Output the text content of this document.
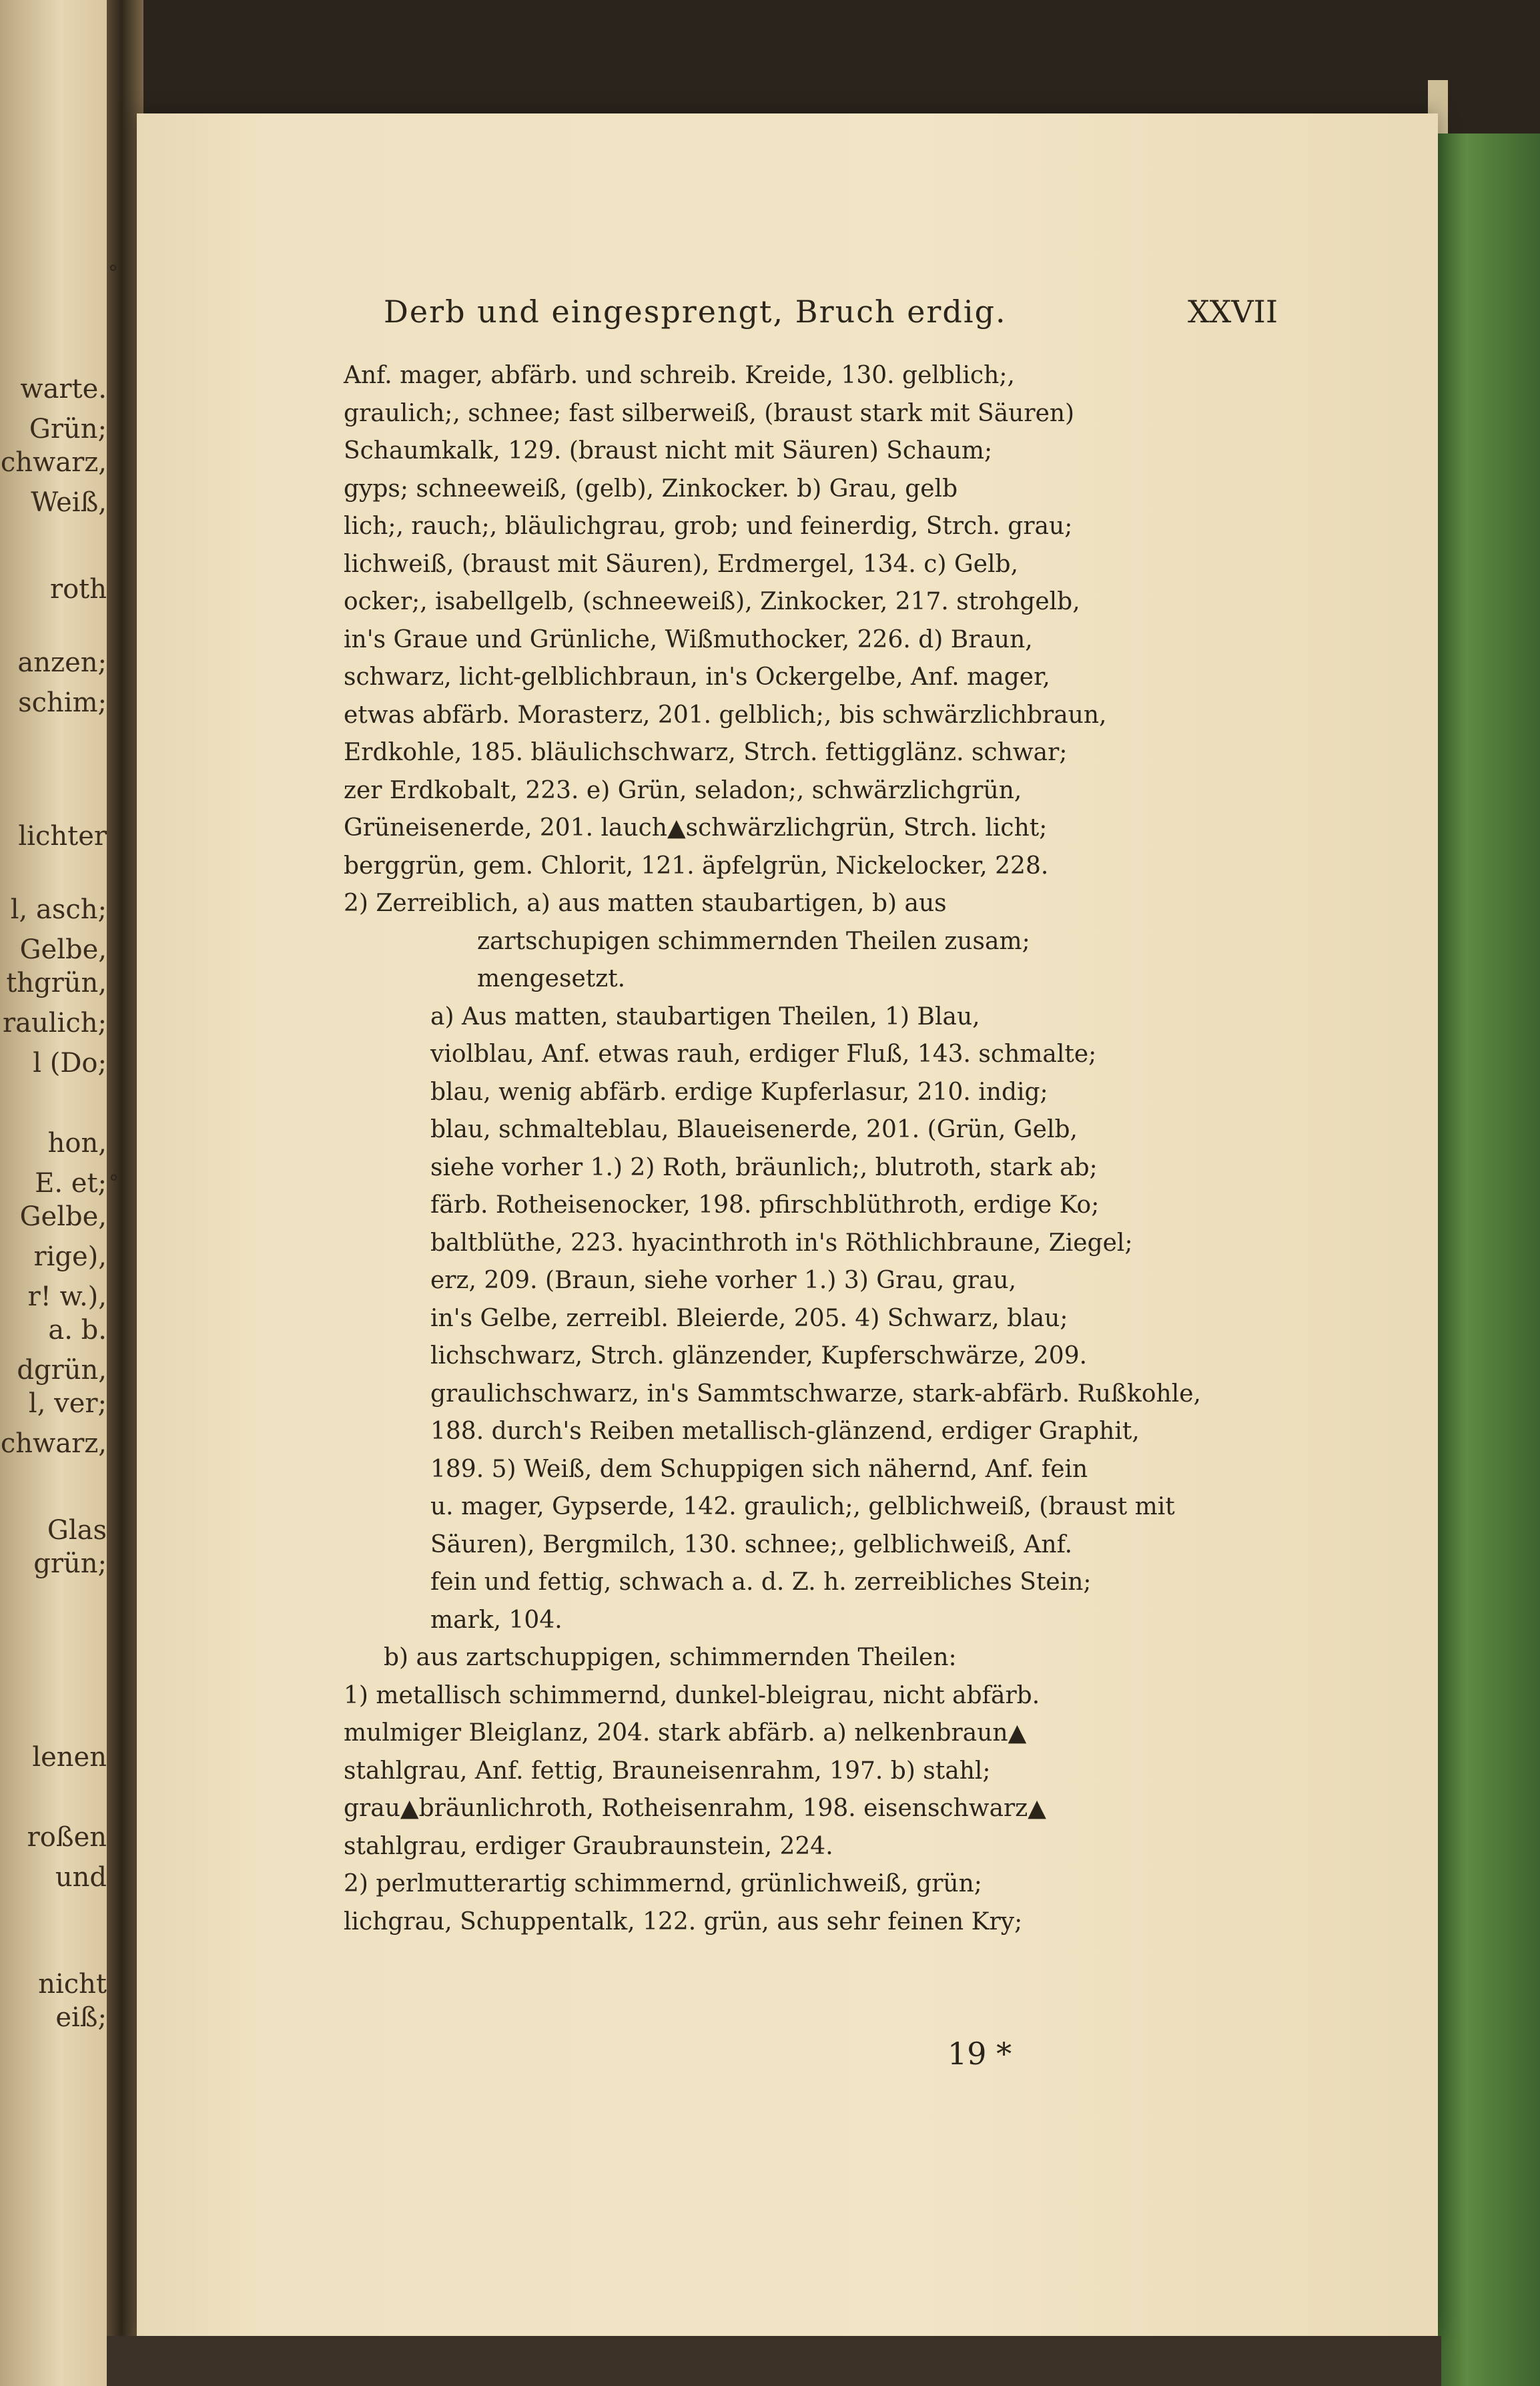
warte.
Grün;
chwarz,
Weiß,
roth
anzen;
schim;
lichter
l, asch;
Gelbe,
thgrün,
raulich;
l (Do;
hon,
E. et;
Gelbe,
rige),
r! w.),
a. b.
dgrün,
l, ver;
chwarz,
Glas
grün;
lenen
roßen
und
nicht
eiß;
Derb und eingesprengt, Bruch erdig.	XXVII
Anf. mager, abfärb. und schreib. Kreide, 130. gelblich;,
graulich;, schnee; fast silberweiß, (braust stark mit Säuren)
Schaumkalk, 129. (braust nicht mit Säuren) Schaum;
gyps; schneeweiß, (gelb), Zinkocker. b) Grau, gelb
lich;, rauch;, bläulichgrau, grob; und feinerdig, Strch. grau;
lichweiß, (braust mit Säuren), Erdmergel, 134. c) Gelb,
ocker;, isabellgelb, (schneeweiß), Zinkocker, 217. strohgelb,
in's Graue und Grünliche, Wißmuthocker, 226. d) Braun,
schwarz, licht-gelblichbraun, in's Ockergelbe, Anf. mager,
etwas abfärb. Morasterz, 201. gelblich;, bis schwärzlichbraun,
Erdkohle, 185. bläulichschwarz, Strch. fettigglänz. schwar;
zer Erdkobalt, 223. e) Grün, seladon;, schwärzlichgrün,
Grüneisenerde, 201. lauch▲schwärzlichgrün, Strch. licht;
berggrün, gem. Chlorit, 121. äpfelgrün, Nickelocker, 228.
2) Zerreiblich, a) aus matten staubartigen, b) aus
zartschupigen schimmernden Theilen zusam;
mengesetzt.
a) Aus matten, staubartigen Theilen, 1) Blau,
violblau, Anf. etwas rauh, erdiger Fluß, 143. schmalte;
blau, wenig abfärb. erdige Kupferlasur, 210. indig;
blau, schmalteblau, Blaueisenerde, 201. (Grün, Gelb,
siehe vorher 1.) 2) Roth, bräunlich;, blutroth, stark ab;
färb. Rotheisenocker, 198. pfirschblüthroth, erdige Ko;
baltblüthe, 223. hyacinthroth in's Röthlichbraune, Ziegel;
erz, 209. (Braun, siehe vorher 1.) 3) Grau, grau,
in's Gelbe, zerreibl. Bleierde, 205. 4) Schwarz, blau;
lichschwarz, Strch. glänzender, Kupferschwärze, 209.
graulichschwarz, in's Sammtschwarze, stark-abfärb. Rußkohle,
188. durch's Reiben metallisch-glänzend, erdiger Graphit,
189. 5) Weiß, dem Schuppigen sich nähernd, Anf. fein
u. mager, Gypserde, 142. graulich;, gelblichweiß, (braust mit
Säuren), Bergmilch, 130. schnee;, gelblichweiß, Anf.
fein und fettig, schwach a. d. Z. h. zerreibliches Stein;
mark, 104.
b) aus zartschuppigen, schimmernden Theilen:
1) metallisch schimmernd, dunkel-bleigrau, nicht abfärb.
mulmiger Bleiglanz, 204. stark abfärb. a) nelkenbraun▲
stahlgrau, Anf. fettig, Brauneisenrahm, 197. b) stahl;
grau▲bräunlichroth, Rotheisenrahm, 198. eisenschwarz▲
stahlgrau, erdiger Graubraunstein, 224.
2) perlmutterartig schimmernd, grünlichweiß, grün;
lichgrau, Schuppentalk, 122. grün, aus sehr feinen Kry;
19 *
°
°
